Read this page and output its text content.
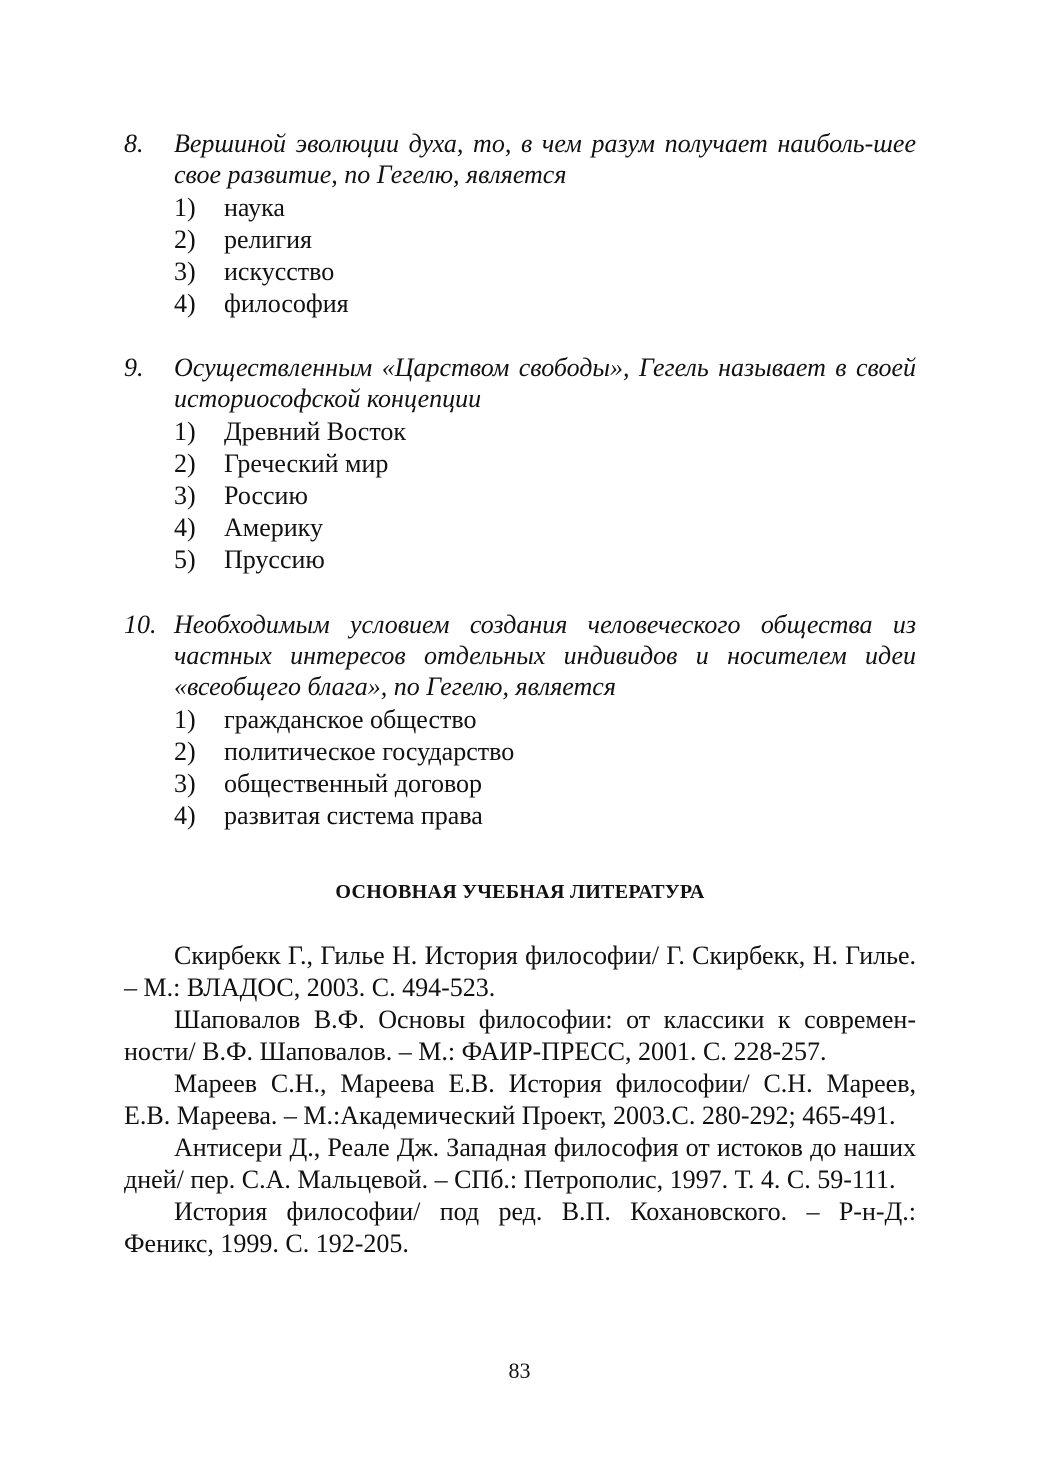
8. Вершиной эволюции духа, то, в чем разум получает наиболь-шее свое развитие, по Гегелю, является
1) наука
2) религия
3) искусство
4) философия
9. Осуществленным «Царством свободы», Гегель называет в своей историософской концепции
1) Древний Восток
2) Греческий мир
3) Россию
4) Америку
5) Пруссию
10. Необходимым условием создания человеческого общества из частных интересов отдельных индивидов и носителем идеи «всеобщего блага», по Гегелю, является
1) гражданское общество
2) политическое государство
3) общественный договор
4) развитая система права
ОСНОВНАЯ УЧЕБНАЯ ЛИТЕРАТУРА

Скирбекк Г., Гилье Н. История философии/ Г. Скирбекк, Н. Гилье. – М.: ВЛАДОС, 2003. С. 494-523.

Шаповалов В.Ф. Основы философии: от классики к современ-ности/ В.Ф. Шаповалов. – М.: ФАИР-ПРЕСС, 2001. С. 228-257.

Мареев С.Н., Мареева Е.В. История философии/ С.Н. Мареев, Е.В. Мареева. – М.:Академический Проект, 2003.С. 280-292; 465-491.

Антисери Д., Реале Дж. Западная философия от истоков до наших дней/ пер. С.А. Мальцевой. – СПб.: Петрополис, 1997. Т. 4. С. 59-111.

История философии/ под ред. В.П. Кохановского. – Р-н-Д.: Феникс, 1999. С. 192-205.

83
